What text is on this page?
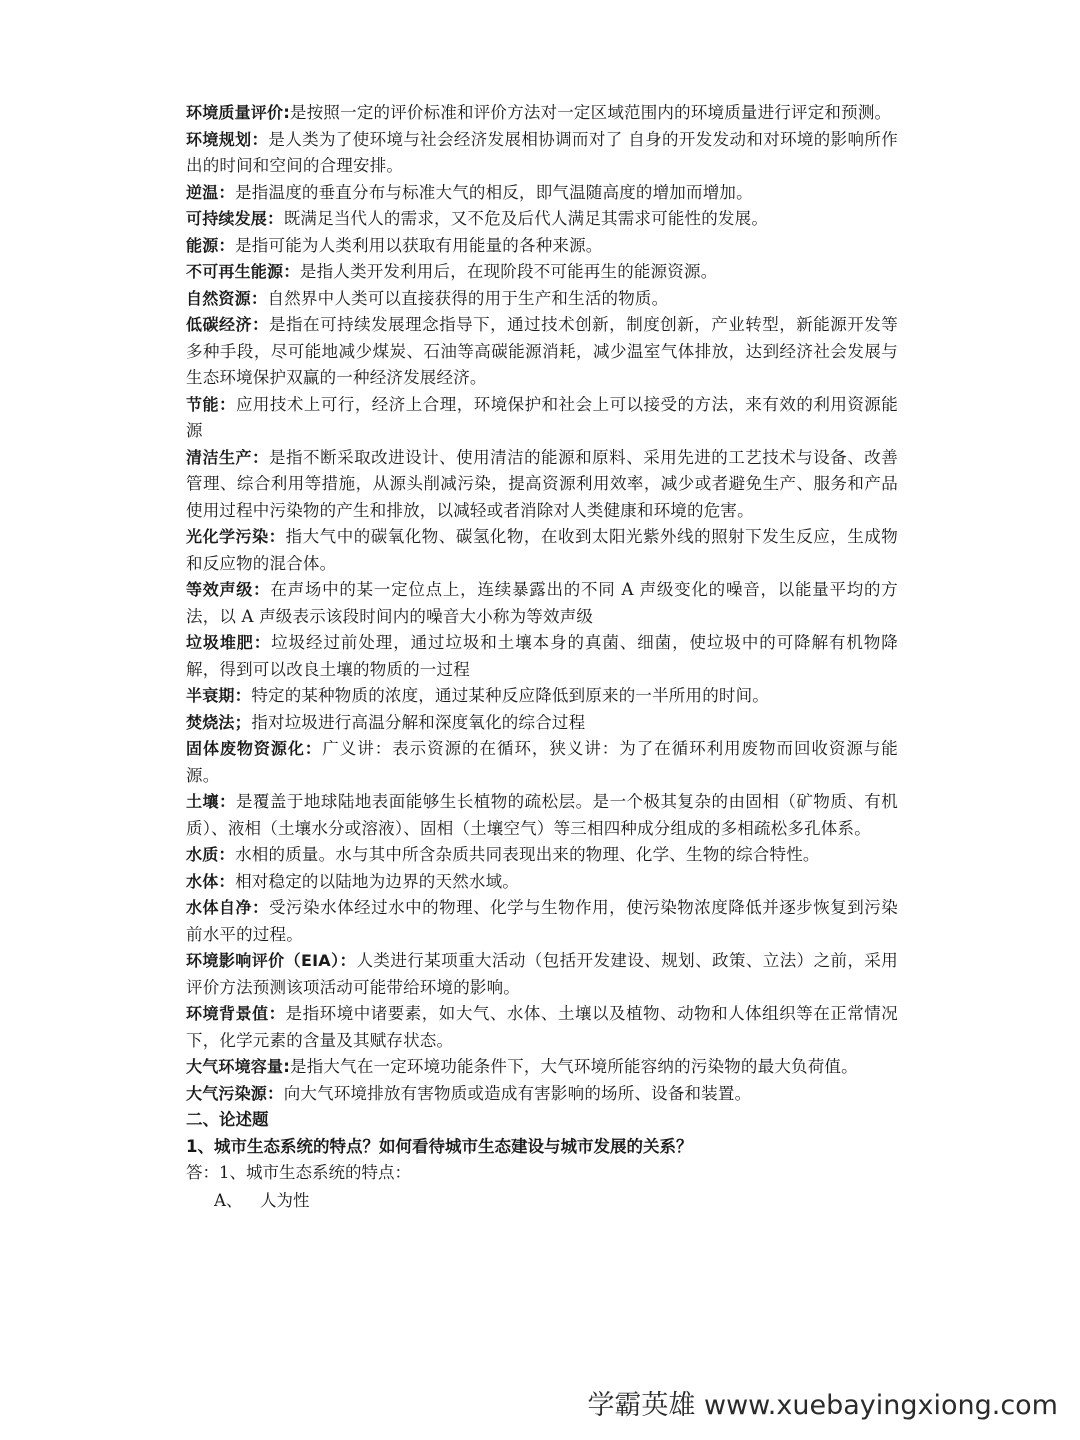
环境质量评价:是按照一定的评价标准和评价方法对一定区域范围内的环境质量进行评定和预测。

环境规划：是人类为了使环境与社会经济发展相协调而对了 自身的开发发动和对环境的影响所作出的时间和空间的合理安排。

逆温：是指温度的垂直分布与标准大气的相反，即气温随高度的增加而增加。

可持续发展：既满足当代人的需求，又不危及后代人满足其需求可能性的发展。

能源：是指可能为人类利用以获取有用能量的各种来源。

不可再生能源：是指人类开发利用后，在现阶段不可能再生的能源资源。

自然资源：自然界中人类可以直接获得的用于生产和生活的物质。

低碳经济：是指在可持续发展理念指导下，通过技术创新，制度创新，产业转型，新能源开发等多种手段，尽可能地减少煤炭、石油等高碳能源消耗，减少温室气体排放，达到经济社会发展与生态环境保护双赢的一种经济发展经济。

节能：应用技术上可行，经济上合理，环境保护和社会上可以接受的方法，来有效的利用资源能源

清洁生产：是指不断采取改进设计、使用清洁的能源和原料、采用先进的工艺技术与设备、改善管理、综合利用等措施，从源头削减污染，提高资源利用效率，减少或者避免生产、服务和产品使用过程中污染物的产生和排放，以减轻或者消除对人类健康和环境的危害。

光化学污染：指大气中的碳氧化物、碳氢化物，在收到太阳光紫外线的照射下发生反应，生成物和反应物的混合体。

等效声级：在声场中的某一定位点上，连续暴露出的不同 A 声级变化的噪音，以能量平均的方法，以 A 声级表示该段时间内的噪音大小称为等效声级

垃圾堆肥：垃圾经过前处理，通过垃圾和土壤本身的真菌、细菌，使垃圾中的可降解有机物降解，得到可以改良土壤的物质的一过程

半衰期：特定的某种物质的浓度，通过某种反应降低到原来的一半所用的时间。

焚烧法；指对垃圾进行高温分解和深度氧化的综合过程

固体废物资源化：广义讲：表示资源的在循环，狭义讲：为了在循环利用废物而回收资源与能源。

土壤：是覆盖于地球陆地表面能够生长植物的疏松层。是一个极其复杂的由固相（矿物质、有机质）、液相（土壤水分或溶液）、固相（土壤空气）等三相四种成分组成的多相疏松多孔体系。

水质：水相的质量。水与其中所含杂质共同表现出来的物理、化学、生物的综合特性。

水体：相对稳定的以陆地为边界的天然水域。

水体自净：受污染水体经过水中的物理、化学与生物作用，使污染物浓度降低并逐步恢复到污染前水平的过程。

环境影响评价（EIA）：人类进行某项重大活动（包括开发建设、规划、政策、立法）之前，采用评价方法预测该项活动可能带给环境的影响。

环境背景值：是指环境中诸要素，如大气、水体、土壤以及植物、动物和人体组织等在正常情况下，化学元素的含量及其赋存状态。

大气环境容量:是指大气在一定环境功能条件下，大气环境所能容纳的污染物的最大负荷值。

大气污染源：向大气环境排放有害物质或造成有害影响的场所、设备和装置。

二、论述题

1、城市生态系统的特点？如何看待城市生态建设与城市发展的关系？

答：1、城市生态系统的特点：

A、 人为性

学霸英雄 www.xuebayingxiong.com
